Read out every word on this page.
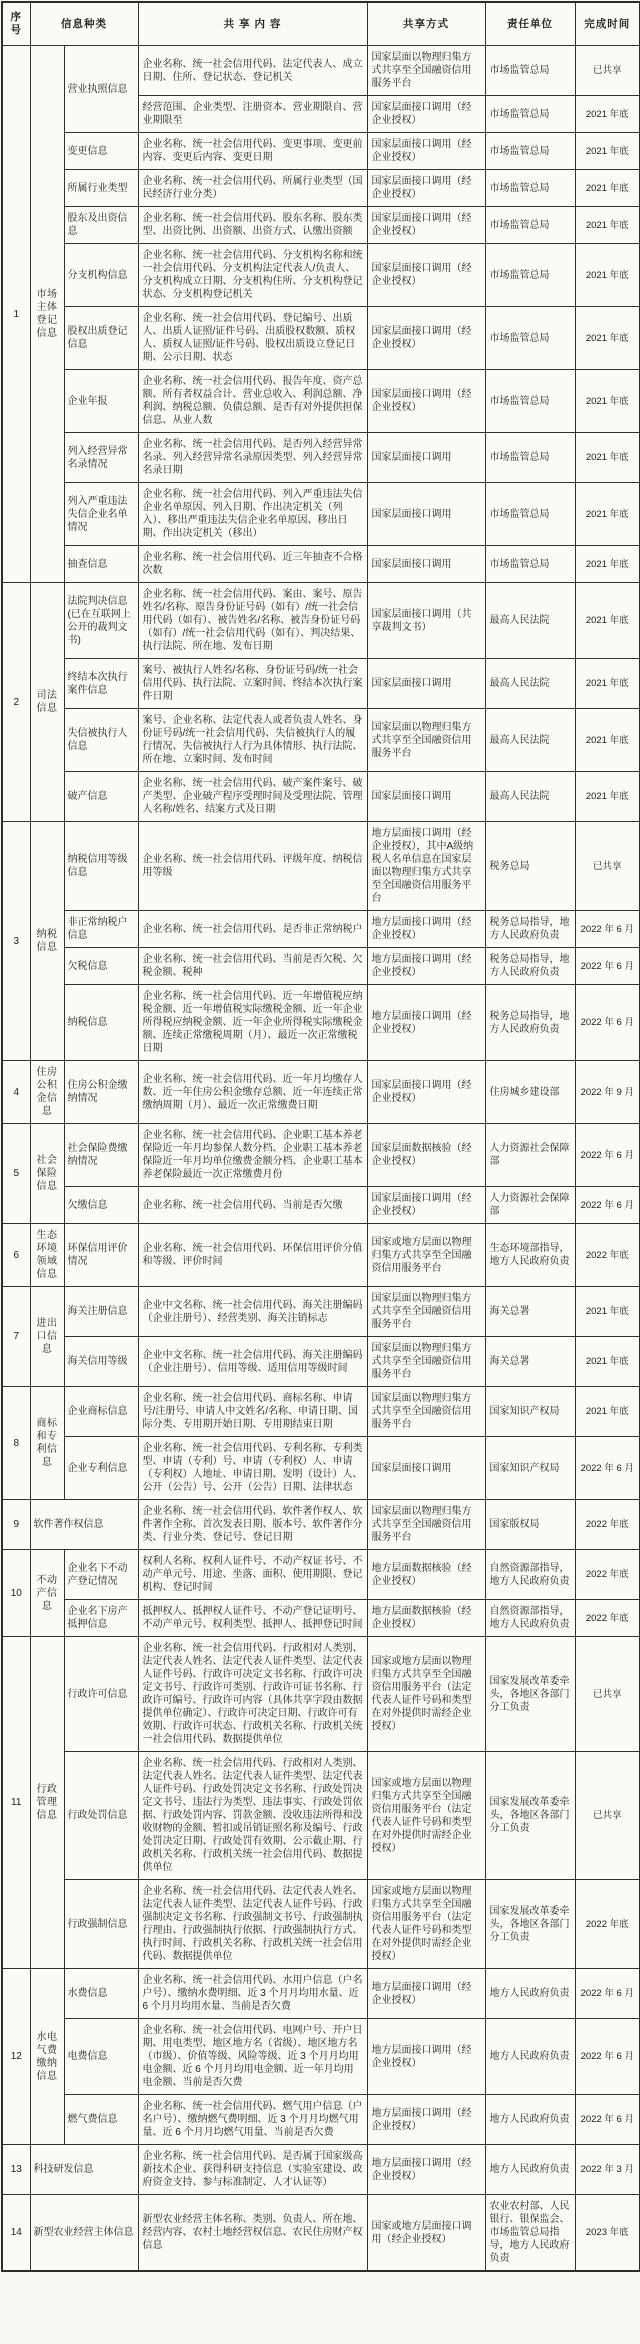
序号	信息种类		共 享 内 容	共享方式	责任单位	完成时间
1	市场主体登记信息	营业执照信息	企业名称、统一社会信用代码、法定代表人、成立日期、住所、登记状态、登记机关	国家层面以物理归集方式共享至全国融资信用服务平台	市场监管总局	已共享
			经营范围、企业类型、注册资本、营业期限自、营业期限至	国家层面接口调用（经企业授权）	市场监管总局	2021 年底
		变更信息	企业名称、统一社会信用代码、变更事项、变更前内容、变更后内容、变更日期	国家层面接口调用（经企业授权）	市场监管总局	2021 年底
		所属行业类型	企业名称、统一社会信用代码、所属行业类型（国民经济行业分类）	国家层面接口调用（经企业授权）	市场监管总局	2021 年底
		股东及出资信息	企业名称、统一社会信用代码、股东名称、股东类型、出资比例、出资额、出资方式、认缴出资额	国家层面接口调用（经企业授权）	市场监管总局	2021 年底
		分支机构信息	企业名称、统一社会信用代码、分支机构名称和统一社会信用代码、分支机构法定代表人/负责人、分支机构成立日期、分支机构住所、分支机构登记状态、分支机构登记机关	国家层面接口调用（经企业授权）	市场监管总局	2021 年底
		股权出质登记信息	企业名称、统一社会信用代码、登记编号、出质人、出质人证照/证件号码、出质股权数额、质权人、质权人证照/证件号码、股权出质设立登记日期、公示日期、状态	国家层面接口调用（经企业授权）	市场监管总局	2021 年底
		企业年报	企业名称、统一社会信用代码、报告年度、资产总额、所有者权益合计、营业总收入、利润总额、净利润、纳税总额、负债总额、是否有对外提供担保信息、从业人数	国家层面接口调用（经企业授权）	市场监管总局	2021 年底
		列入经营异常名录情况	企业名称、统一社会信用代码、是否列入经营异常名录、列入经营异常名录原因类型、列入经营异常名录日期	国家层面接口调用	市场监管总局	2021 年底
		列入严重违法失信企业名单情况	企业名称、统一社会信用代码、列入严重违法失信企业名单原因、列入日期、作出决定机关（列入）、移出严重违法失信企业名单原因、移出日期、作出决定机关（移出）	国家层面接口调用	市场监管总局	2021 年底
		抽查信息	企业名称、统一社会信用代码、近三年抽查不合格次数	国家层面接口调用	市场监管总局	2021 年底
2	司法信息	法院判决信息(已在互联网上公开的裁判文书)	企业名称、统一社会信用代码、案由、案号、原告姓名/名称、原告身份证号码（如有）/统一社会信用代码（如有）、被告姓名/名称、被告身份证号码（如有）/统一社会信用代码（如有）、判决结果、执行法院、所在地、发布日期	国家层面接口调用（共享裁判文书）	最高人民法院	2021 年底
		终结本次执行案件信息	案号、被执行人姓名/名称、身份证号码/统一社会信用代码、执行法院、立案时间、终结本次执行案件日期	国家层面接口调用	最高人民法院	2021 年底
		失信被执行人信息	案号、企业名称、法定代表人或者负责人姓名、身份证号码/统一社会信用代码、失信被执行人的履行情况、失信被执行人行为具体情形、执行法院、所在地、立案时间、发布时间	国家层面以物理归集方式共享至全国融资信用服务平台	最高人民法院	2021 年底
		破产信息	企业名称、统一社会信用代码、破产案件案号、破产类型、企业破产程序受理时间及受理法院、管理人名称/姓名、结案方式及日期	国家层面接口调用	最高人民法院	2021 年底
3	纳税信息	纳税信用等级信息	企业名称、统一社会信用代码、评级年度、纳税信用等级	地方层面接口调用（经企业授权），其中A级纳税人名单信息在国家层面以物理归集方式共享至全国融资信用服务平台	税务总局	已共享
		非正常纳税户信息	企业名称、统一社会信用代码、是否非正常纳税户	地方层面接口调用（经企业授权）	税务总局指导，地方人民政府负责	2022 年 6 月
		欠税信息	企业名称、统一社会信用代码、当前是否欠税、欠税金额、税种	地方层面接口调用（经企业授权）	税务总局指导，地方人民政府负责	2022 年 6 月
		纳税信息	企业名称、统一社会信用代码、近一年增值税应纳税金额、近一年增值税实际缴税金额、近一年企业所得税应纳税金额、近一年企业所得税实际缴税金额、连续正常缴税周期（月）、最近一次正常缴税日期	地方层面接口调用（经企业授权）	税务总局指导，地方人民政府负责	2022 年 6 月
4	住房公积金信息	住房公积金缴纳情况	企业名称、统一社会信用代码、近一年月均缴存人数、近一年住房公积金缴存总额、近一年连续正常缴纳周期（月）、最近一次正常缴费日期	国家层面接口调用（经企业授权）	住房城乡建设部	2022 年 9 月
5	社会保险信息	社会保险费缴纳情况	企业名称、统一社会信用代码、企业职工基本养老保险近一年月均参保人数分档、企业职工基本养老保险近一年月均单位缴费金额分档、企业职工基本养老保险最近一次正常缴费月份	国家层面数据核验（经企业授权）	人力资源社会保障部	2022 年 6 月
		欠缴信息	企业名称、统一社会信用代码、当前是否欠缴	国家层面接口调用（经企业授权）	人力资源社会保障部	2022 年 6 月
6	生态环境领域信息	环保信用评价情况	企业名称、统一社会信用代码、环保信用评价分值和等级、评价时间	国家或地方层面以物理归集方式共享至全国融资信用服务平台	生态环境部指导，地方人民政府负责	2022 年底
7	进出口信息	海关注册信息	企业中文名称、统一社会信用代码、海关注册编码（企业注册号）、经营类别、海关注销标志	国家层面以物理归集方式共享至全国融资信用服务平台	海关总署	2021 年底
		海关信用等级	企业中文名称、统一社会信用代码、海关注册编码（企业注册号）、信用等级、适用信用等级时间	国家层面以物理归集方式共享至全国融资信用服务平台	海关总署	2021 年底
8	商标和专利信息	企业商标信息	企业名称、统一社会信用代码、商标名称、申请号/注册号、申请人中文姓名/名称、申请日期、国际分类、专用期开始日期、专用期结束日期	国家层面以物理归集方式共享至全国融资信用服务平台	国家知识产权局	2021 年底
		企业专利信息	企业名称、统一社会信用代码、专利名称、专利类型、申请（专利）号、申请（专利权）人、申请（专利权）人地址、申请日期、发明（设计）人、公开（公告）号、公开（公告）日期、法律状态	国家层面接口调用	国家知识产权局	2022 年 6 月
9	软件著作权信息		企业名称、统一社会信用代码、软件著作权人、软件著作全称、首次发表日期、版本号、软件著作分类、行业分类、登记号、登记日期	国家层面以物理归集方式共享至全国融资信用服务平台	国家版权局	2022 年底
10	不动产信息	企业名下不动产登记情况	权利人名称、权利人证件号、不动产权证书号、不动产单元号、用途、坐落、面积、使用期限、登记机构、登记时间	地方层面数据核验（经企业授权）	自然资源部指导，地方人民政府负责	2022 年底
		企业名下房产抵押信息	抵押权人、抵押权人证件号、不动产登记证明号、不动产单元号、权利类型、抵押人、抵押登记时间	地方层面数据核验（经企业授权）	自然资源部指导，地方人民政府负责	2022 年底
11	行政管理信息	行政许可信息	企业名称、统一社会信用代码、行政相对人类别、法定代表人姓名、法定代表人证件类型、法定代表人证件号码、行政许可决定文书名称、行政许可决定文书号、行政许可类别、行政许可证书名称、行政许可编号、行政许可内容（具体共享字段由数据提供单位确定）、行政许可决定日期、行政许可有效期、行政许可状态、行政机关名称、行政机关统一社会信用代码、数据提供单位	国家或地方层面以物理归集方式共享至全国融资信用服务平台（法定代表人证件号码和类型在对外提供时需经企业授权）	国家发展改革委牵头，各地区各部门分工负责	已共享
		行政处罚信息	企业名称、统一社会信用代码、行政相对人类别、法定代表人姓名、法定代表人证件类型、法定代表人证件号码、行政处罚决定文书名称、行政处罚决定文书号、违法行为类型、违法事实、行政处罚依据、行政处罚内容、罚款金额、没收违法所得和没收财物的金额、暂扣或吊销证照名称及编号、行政处罚决定日期、行政处罚有效期、公示截止期、行政机关名称、行政机关统一社会信用代码、数据提供单位	国家或地方层面以物理归集方式共享至全国融资信用服务平台（法定代表人证件号码和类型在对外提供时需经企业授权）	国家发展改革委牵头，各地区各部门分工负责	已共享
		行政强制信息	企业名称、统一社会信用代码、法定代表人姓名、法定代表人证件类型、法定代表人证件号码、行政强制决定文书名称、行政强制文书号、行政强制执行理由、行政强制执行依据、行政强制执行方式、执行时间、行政机关名称、行政机关统一社会信用代码、数据提供单位	国家或地方层面以物理归集方式共享至全国融资信用服务平台（法定代表人证件号码和类型在对外提供时需经企业授权）	国家发展改革委牵头，各地区各部门分工负责	2022 年底
12	水电气费缴纳信息	水费信息	企业名称、统一社会信用代码、水用户信息（户名户号）、缴纳水费明细、近 3 个月月均用水量、近 6 个月月均用水量、当前是否欠费	地方层面接口调用（经企业授权）	地方人民政府负责	2022 年 6 月
		电费信息	企业名称、统一社会信用代码、电网户号、开户日期、用电类型、地区地方名（省级）、地区地方名（市级）、价值等级、风险等级、近 3 个月月均用电金额、近 6 个月月均用电金额、近一年月均用电金额、当前是否欠费	地方层面接口调用（经企业授权）	地方人民政府负责	2022 年 6 月
		燃气费信息	企业名称、统一社会信用代码、燃气用户信息（户名户号）、缴纳燃气费明细、近 3 个月月均燃气用量、近 6 个月月均燃气用量、当前是否欠费	地方层面接口调用（经企业授权）	地方人民政府负责	2022 年 6 月
13	科技研发信息		企业名称、统一社会信用代码、是否属于国家级高新技术企业、获得科研支持信息（实验室建设、政府资金支持、参与标准制定、人才认证等）	地方层面接口调用（经企业授权）	地方人民政府负责	2022 年 3 月
14	新型农业经营主体信息		新型农业经营主体名称、类别、负责人、所在地、经营内容、农村土地经营权信息、农民住房财产权信息	国家或地方层面接口调用（经企业授权）	农业农村部、人民银行、银保监会、市场监管总局指导，地方人民政府负责	2023 年底
